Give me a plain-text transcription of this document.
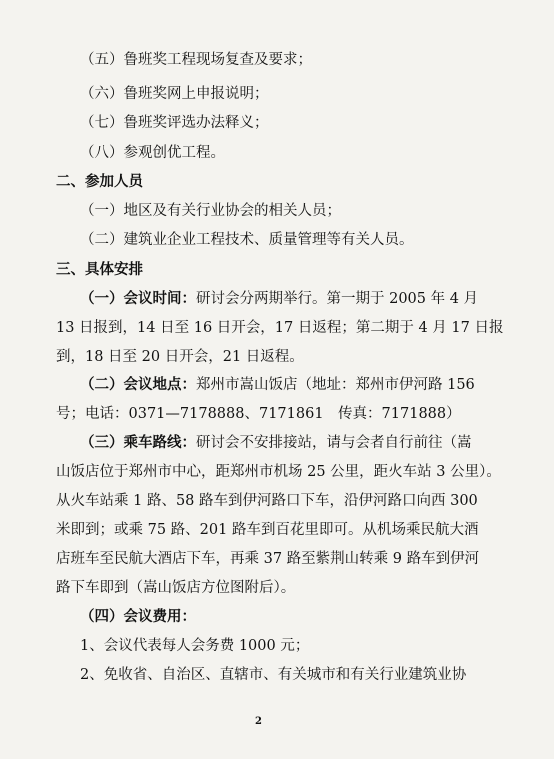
（五）鲁班奖工程现场复查及要求；
（六）鲁班奖网上申报说明；
（七）鲁班奖评选办法释义；
（八）参观创优工程。
二、参加人员
（一）地区及有关行业协会的相关人员；
（二）建筑业企业工程技术、质量管理等有关人员。
三、具体安排
（一）会议时间：研讨会分两期举行。第一期于 2005 年 4 月
13 日报到，14 日至 16 日开会，17 日返程；第二期于 4 月 17 日报
到，18 日至 20 日开会，21 日返程。
（二）会议地点：郑州市嵩山饭店（地址：郑州市伊河路 156
号；电话：0371—7178888、7171861　传真：7171888）
（三）乘车路线：研讨会不安排接站，请与会者自行前往（嵩
山饭店位于郑州市中心，距郑州市机场 25 公里，距火车站 3 公里）。
从火车站乘 1 路、58 路车到伊河路口下车，沿伊河路口向西 300
米即到；或乘 75 路、201 路车到百花里即可。从机场乘民航大酒
店班车至民航大酒店下车，再乘 37 路至紫荆山转乘 9 路车到伊河
路下车即到（嵩山饭店方位图附后）。
（四）会议费用：
1、会议代表每人会务费 1000 元；
2、免收省、自治区、直辖市、有关城市和有关行业建筑业协
2
